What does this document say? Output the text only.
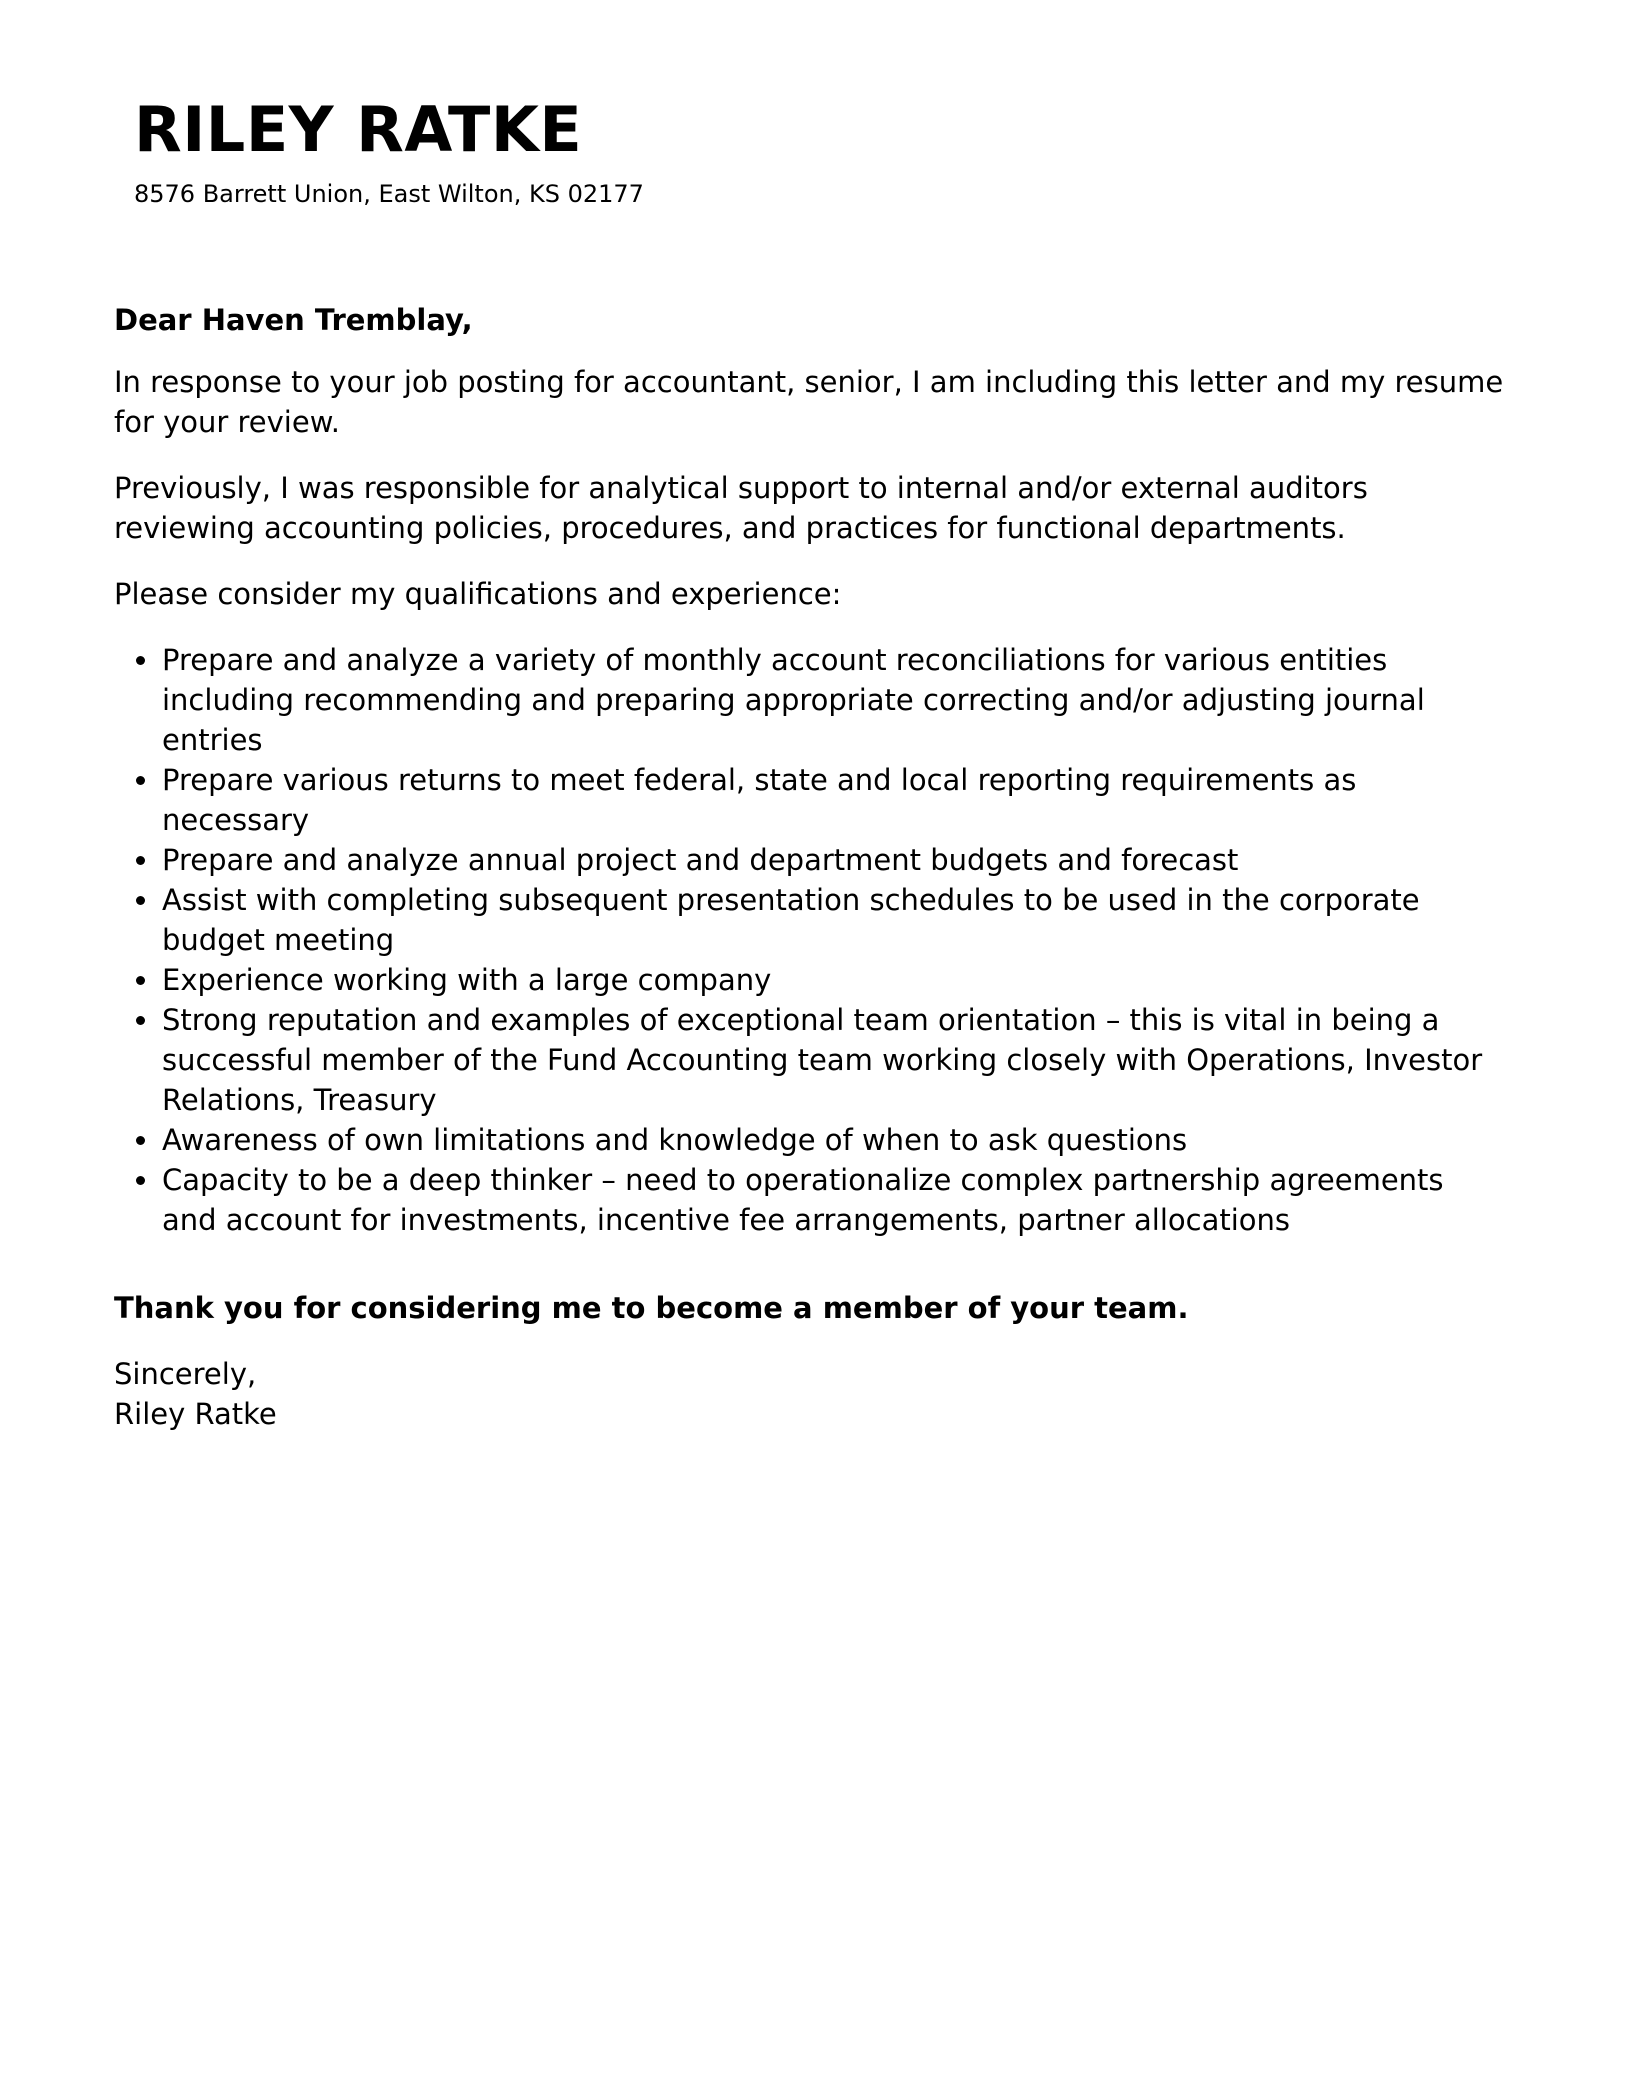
RILEY RATKE
8576 Barrett Union, East Wilton, KS 02177

Dear Haven Tremblay,

In response to your job posting for accountant, senior, I am including this letter and my resume for your review.

Previously, I was responsible for analytical support to internal and/or external auditors reviewing accounting policies, procedures, and practices for functional departments.

Please consider my qualifications and experience:

Prepare and analyze a variety of monthly account reconciliations for various entities including recommending and preparing appropriate correcting and/or adjusting journal entries
Prepare various returns to meet federal, state and local reporting requirements as necessary
Prepare and analyze annual project and department budgets and forecast
Assist with completing subsequent presentation schedules to be used in the corporate budget meeting
Experience working with a large company
Strong reputation and examples of exceptional team orientation – this is vital in being a successful member of the Fund Accounting team working closely with Operations, Investor Relations, Treasury
Awareness of own limitations and knowledge of when to ask questions
Capacity to be a deep thinker – need to operationalize complex partnership agreements and account for investments, incentive fee arrangements, partner allocations

Thank you for considering me to become a member of your team.

Sincerely,

Riley Ratke
